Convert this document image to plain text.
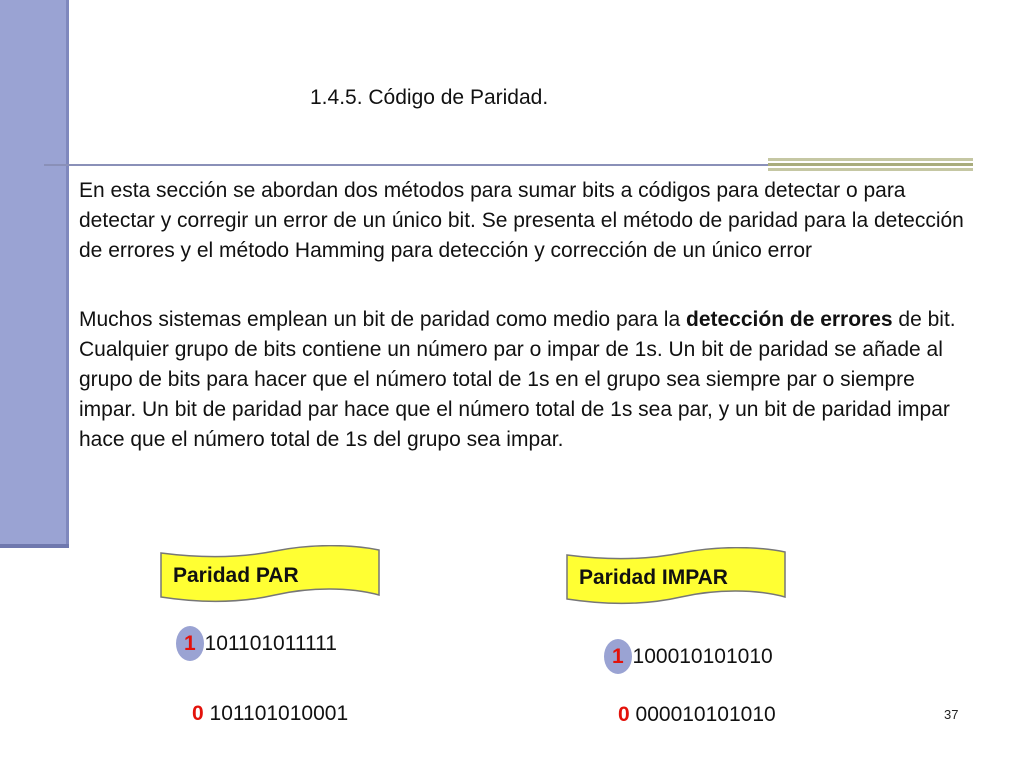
1.4.5. Código de Paridad.

En esta sección se abordan dos métodos para sumar bits a códigos para detectar o para detectar y corregir un error de un único bit. Se presenta el método de paridad para la detección de errores y el método Hamming para detección y corrección de un único error

Muchos sistemas emplean un bit de paridad como medio para la detección de errores de bit. Cualquier grupo de bits contiene un número par o impar de 1s. Un bit de paridad se añade al grupo de bits para hacer que el número total de 1s en el grupo sea siempre par o siempre impar. Un bit de paridad par hace que el número total de 1s sea par, y un bit de paridad impar hace que el número total de 1s del grupo sea impar.

Paridad PAR	Paridad IMPAR
1 101101011111
0 101101010001
1 100010101010
0 000010101010	37
